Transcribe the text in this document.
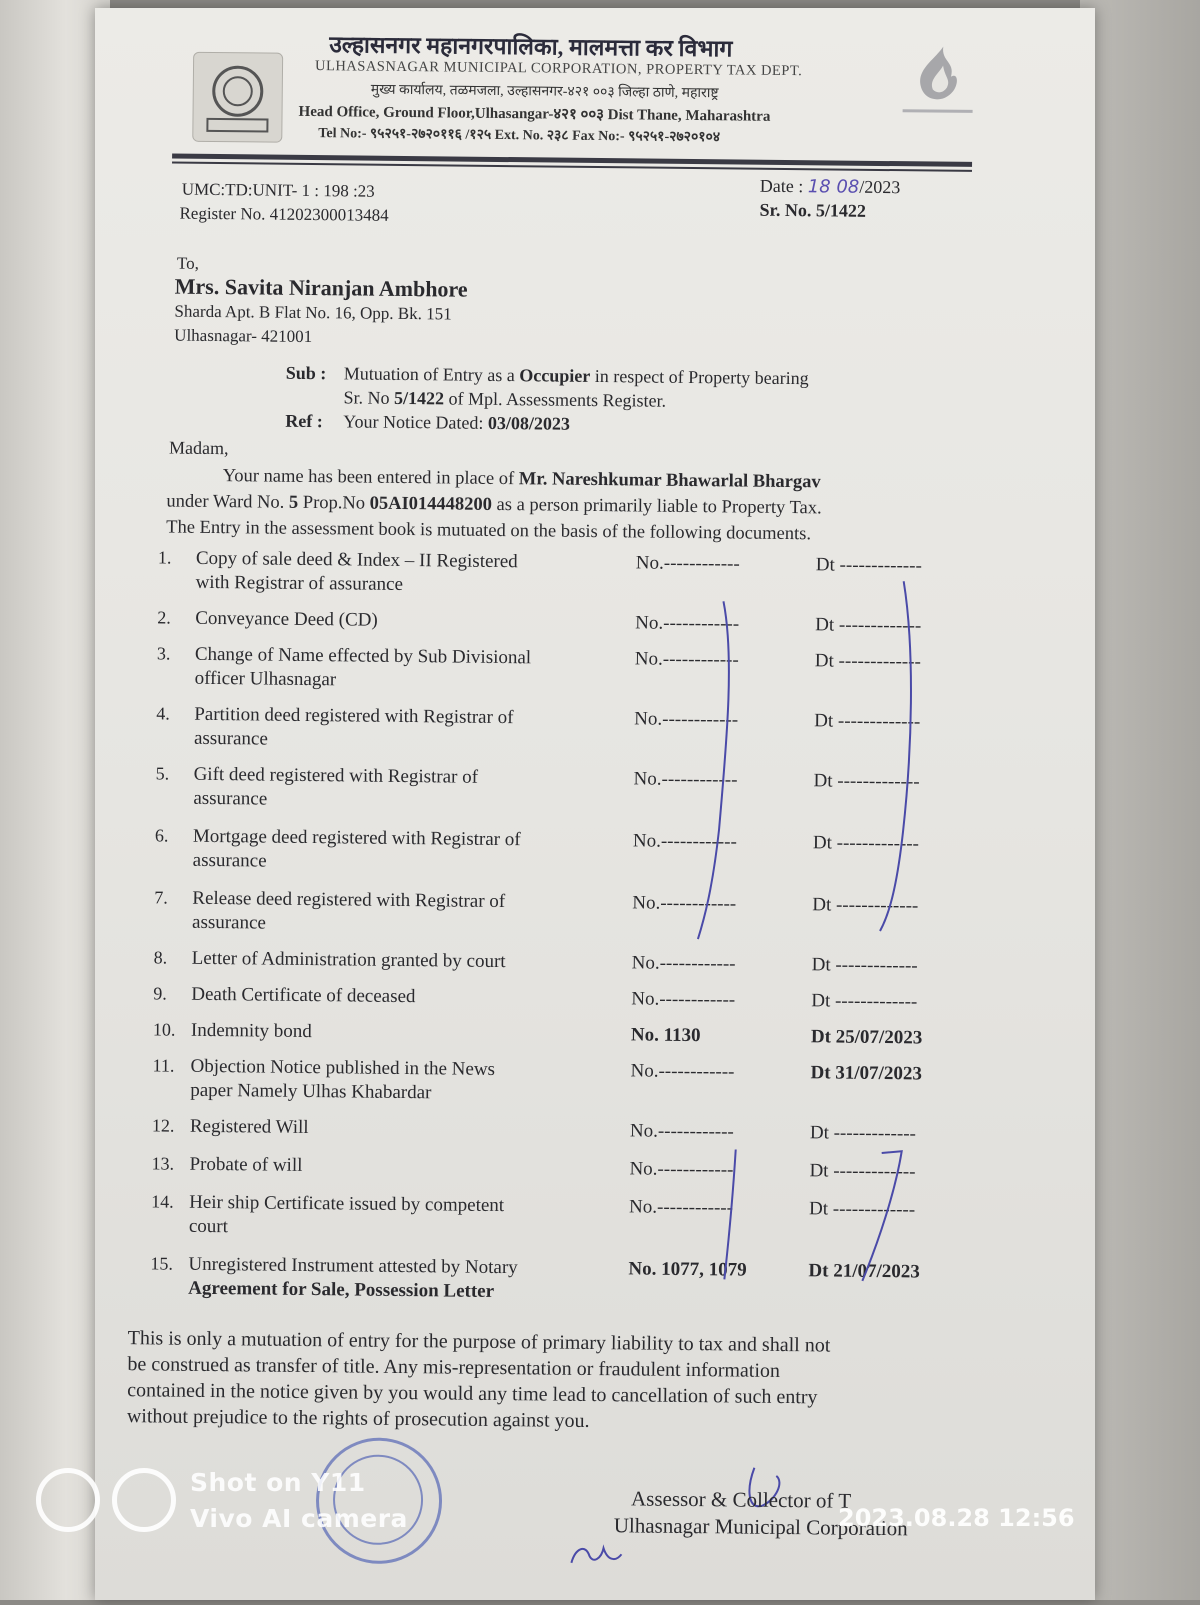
उल्हासनगर महानगरपालिका, मालमत्ता कर विभाग
ULHASASNAGAR MUNICIPAL CORPORATION, PROPERTY TAX DEPT.
मुख्य कार्यालय, तळमजला, उल्हासनगर-४२१ ००३ जिल्हा ठाणे, महाराष्ट्र
Head Office, Ground Floor,Ulhasangar-४२१ ००३ Dist Thane, Maharashtra
Tel No:- ९५२५१-२७२०११६ /१२५ Ext. No. २३८ Fax No:- ९५२५१-२७२०१०४
UMC:TD:UNIT- 1 : 198 :23
Register No. 41202300013484
Date : 18 08/2023
Sr. No. 5/1422
To,
Mrs. Savita Niranjan Ambhore
Sharda Apt. B Flat No. 16, Opp. Bk. 151
Ulhasnagar- 421001
Sub : Mutuation of Entry as a Occupier in respect of Property bearing
Sr. No 5/1422 of Mpl. Assessments Register.
Ref : Your Notice Dated: 03/08/2023
Madam,
Your name has been entered in place of Mr. Nareshkumar Bhawarlal Bhargav
under Ward No. 5 Prop.No 05AI014448200 as a person primarily liable to Property Tax.
The Entry in the assessment book is mutuated on the basis of the following documents.
1. Copy of sale deed & Index – II Registered
with Registrar of assurance
No.------------	Dt -------------
2. Conveyance Deed (CD)	No.------------	Dt -------------
3. Change of Name effected by Sub Divisional
officer Ulhasnagar
No.------------	Dt -------------
4. Partition deed registered with Registrar of
assurance
No.------------	Dt -------------
5. Gift deed registered with Registrar of
assurance
No.------------	Dt -------------
6. Mortgage deed registered with Registrar of
assurance
No.------------	Dt -------------
7. Release deed registered with Registrar of
assurance
No.------------	Dt -------------
8. Letter of Administration granted by court	No.------------	Dt -------------
9. Death Certificate of deceased	No.------------	Dt -------------
10. Indemnity bond	No. 1130	Dt 25/07/2023
11. Objection Notice published in the News
paper Namely Ulhas Khabardar
No.------------	Dt 31/07/2023
12. Registered Will	No.------------	Dt -------------
13. Probate of will	No.------------	Dt -------------
14. Heir ship Certificate issued by competent
court
No.------------	Dt -------------
15. Unregistered Instrument attested by Notary
Agreement for Sale, Possession Letter
No. 1077, 1079	Dt 21/07/2023
This is only a mutuation of entry for the purpose of primary liability to tax and shall not
be construed as transfer of title. Any mis-representation or fraudulent information
contained in the notice given by you would any time lead to cancellation of such entry
without prejudice to the rights of prosecution against you.
Assessor & Collector of T
Ulhasnagar Municipal Corporation
Shot on Y11
Vivo AI camera	2023.08.28 12:56
